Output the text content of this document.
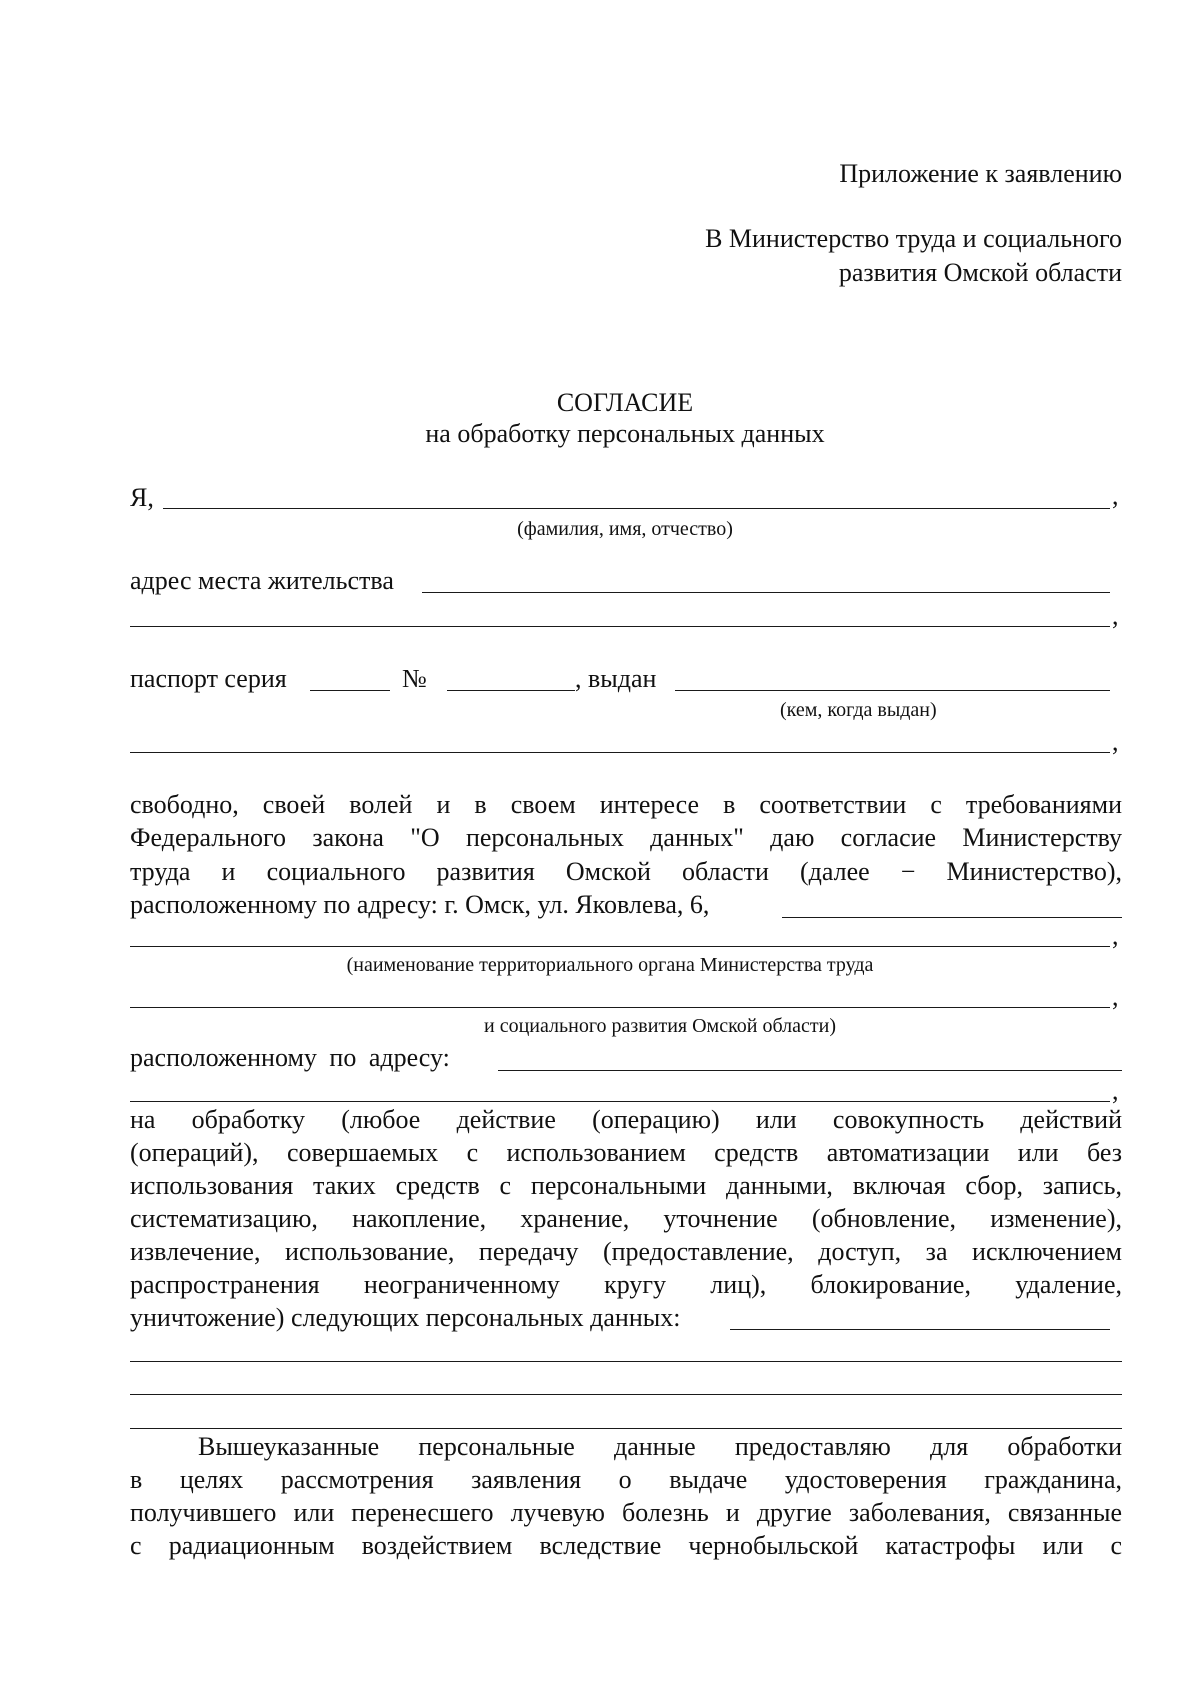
Приложение к заявлению
В Министерство труда и социального
развития Омской области
СОГЛАСИЕ
на обработку персональных данных
Я,	,
(фамилия, имя, отчество)
адрес места жительства
,
паспорт серия	№	, выдан
(кем, когда выдан)
,
свободно, своей волей и в своем интересе в соответствии с требованиями
Федерального закона "О персональных данных" даю согласие Министерству
труда и социального развития Омской области (далее − Министерство),
расположенному по адресу: г. Омск, ул. Яковлева, 6,
,
(наименование территориального органа Министерства труда
,
и социального развития Омской области)
расположенному по адресу:
,
на обработку (любое действие (операцию) или совокупность действий
(операций), совершаемых с использованием средств автоматизации или без
использования таких средств с персональными данными, включая сбор, запись,
систематизацию, накопление, хранение, уточнение (обновление, изменение),
извлечение, использование, передачу (предоставление, доступ, за исключением
распространения неограниченному кругу лиц), блокирование, удаление,
уничтожение) следующих персональных данных:
Вышеуказанные персональные данные предоставляю для обработки
в целях рассмотрения заявления о выдаче удостоверения гражданина,
получившего или перенесшего лучевую болезнь и другие заболевания, связанные
с радиационным воздействием вследствие чернобыльской катастрофы или с
